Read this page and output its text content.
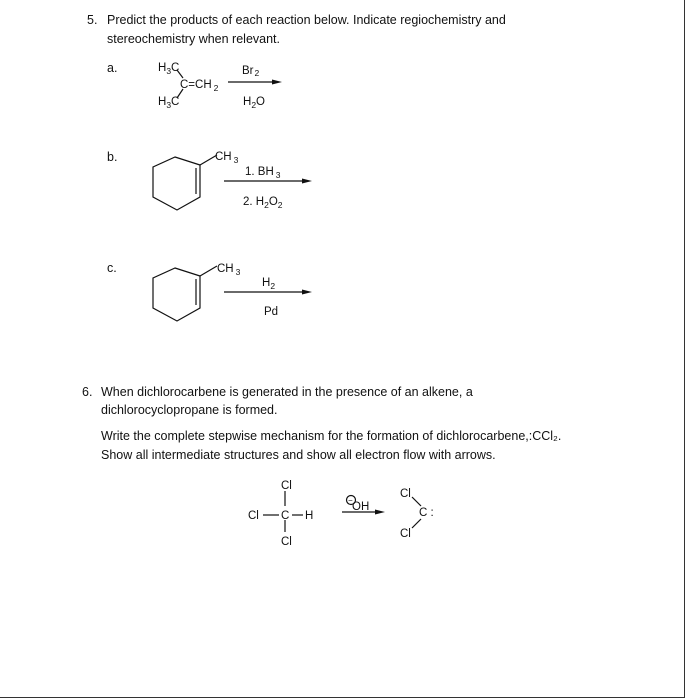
5. Predict the products of each reaction below. Indicate regiochemistry and
stereochemistry when relevant.
a.
b.
c.
6. When dichlorocarbene is generated in the presence of an alkene, a
dichlorocyclopropane is formed.
Write the complete stepwise mechanism for the formation of dichlorocarbene,:CCl₂.
Show all intermediate structures and show all electron flow with arrows.
$H_3C$
C=CH $_2$
$H_3C$
Br2
$H_2O$
CH $_3$
1. BH $_3$
2. $H_2O_2$
CH $_3$
$H_2$
Pd
Cl
Cl C H
Cl
−
OH
Cl
C :
Cl
